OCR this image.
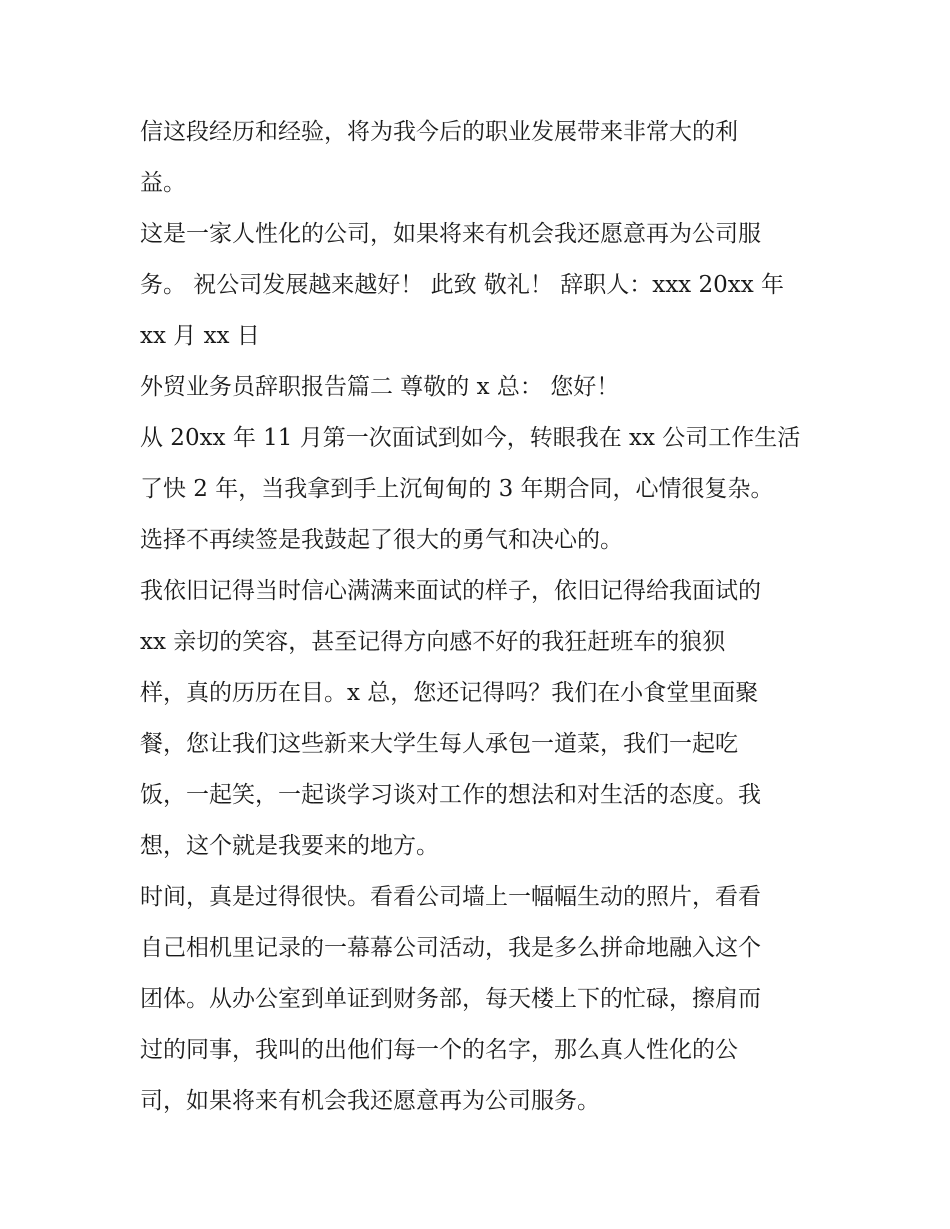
信这段经历和经验，将为我今后的职业发展带来非常大的利
益。
这是一家人性化的公司，如果将来有机会我还愿意再为公司服
务。 祝公司发展越来越好！ 此致 敬礼！ 辞职人：xxx 20xx 年
xx 月 xx 日
外贸业务员辞职报告篇二 尊敬的 x 总： 您好！
从 20xx 年 11 月第一次面试到如今，转眼我在 xx 公司工作生活
了快 2 年，当我拿到手上沉甸甸的 3 年期合同，心情很复杂。
选择不再续签是我鼓起了很大的勇气和决心的。
我依旧记得当时信心满满来面试的样子，依旧记得给我面试的
xx 亲切的笑容，甚至记得方向感不好的我狂赶班车的狼狈
样，真的历历在目。x 总，您还记得吗？我们在小食堂里面聚
餐，您让我们这些新来大学生每人承包一道菜，我们一起吃
饭，一起笑，一起谈学习谈对工作的想法和对生活的态度。我
想，这个就是我要来的地方。
时间，真是过得很快。看看公司墙上一幅幅生动的照片，看看
自己相机里记录的一幕幕公司活动，我是多么拼命地融入这个
团体。从办公室到单证到财务部，每天楼上下的忙碌，擦肩而
过的同事，我叫的出他们每一个的名字，那么真人性化的公
司，如果将来有机会我还愿意再为公司服务。
